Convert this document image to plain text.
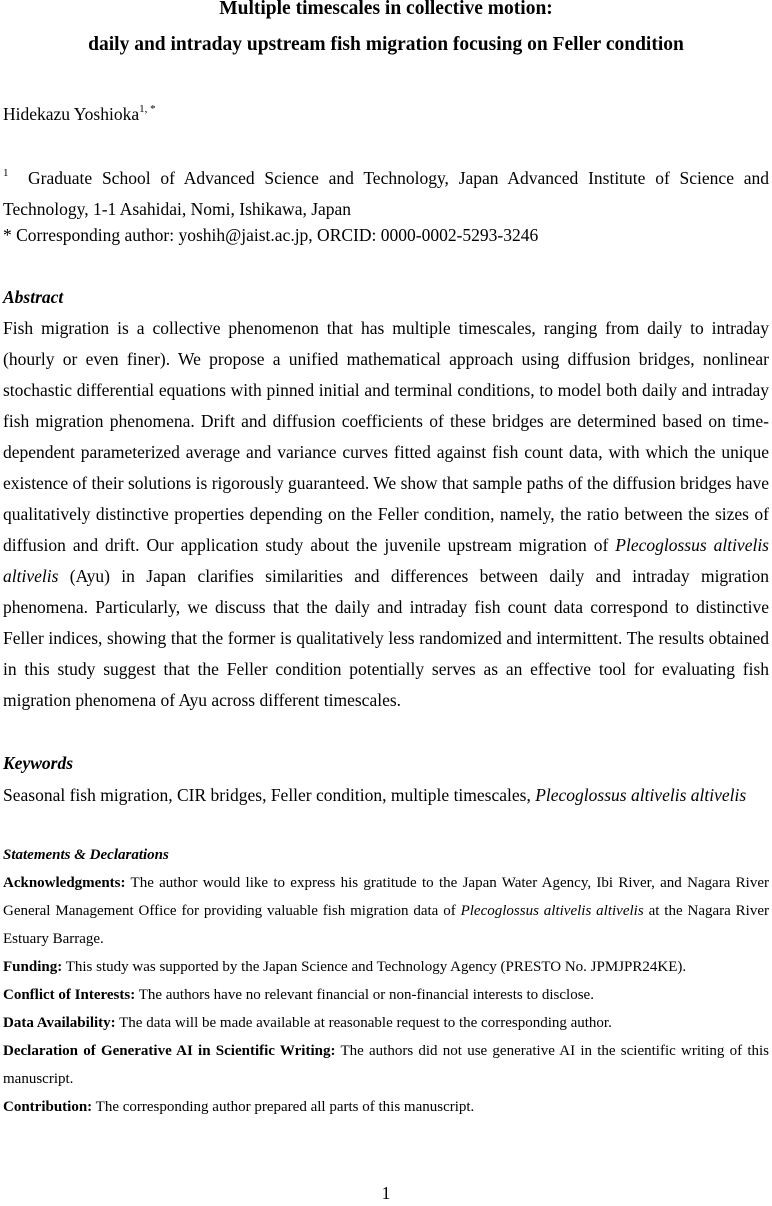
Multiple timescales in collective motion:
daily and intraday upstream fish migration focusing on Feller condition
Hidekazu Yoshioka$^{1, *}$

$^1$ Graduate School of Advanced Science and Technology, Japan Advanced Institute of Science and Technology, 1-1 Asahidai, Nomi, Ishikawa, Japan

* Corresponding author: yoshih@jaist.ac.jp, ORCID: 0000-0002-5293-3246
Abstract

Fish migration is a collective phenomenon that has multiple timescales, ranging from daily to intraday (hourly or even finer). We propose a unified mathematical approach using diffusion bridges, nonlinear stochastic differential equations with pinned initial and terminal conditions, to model both daily and intraday fish migration phenomena. Drift and diffusion coefficients of these bridges are determined based on time-dependent parameterized average and variance curves fitted against fish count data, with which the unique existence of their solutions is rigorously guaranteed. We show that sample paths of the diffusion bridges have qualitatively distinctive properties depending on the Feller condition, namely, the ratio between the sizes of diffusion and drift. Our application study about the juvenile upstream migration of Plecoglossus altivelis altivelis (Ayu) in Japan clarifies similarities and differences between daily and intraday migration phenomena. Particularly, we discuss that the daily and intraday fish count data correspond to distinctive Feller indices, showing that the former is qualitatively less randomized and intermittent. The results obtained in this study suggest that the Feller condition potentially serves as an effective tool for evaluating fish migration phenomena of Ayu across different timescales.

Keywords

Seasonal fish migration, CIR bridges, Feller condition, multiple timescales, Plecoglossus altivelis altivelis

Statements & Declarations

Acknowledgments: The author would like to express his gratitude to the Japan Water Agency, Ibi River, and Nagara River General Management Office for providing valuable fish migration data of Plecoglossus altivelis altivelis at the Nagara River Estuary Barrage.

Funding: This study was supported by the Japan Science and Technology Agency (PRESTO No. JPMJPR24KE).

Conflict of Interests: The authors have no relevant financial or non-financial interests to disclose.

Data Availability: The data will be made available at reasonable request to the corresponding author.

Declaration of Generative AI in Scientific Writing: The authors did not use generative AI in the scientific writing of this manuscript.

Contribution: The corresponding author prepared all parts of this manuscript.

1
